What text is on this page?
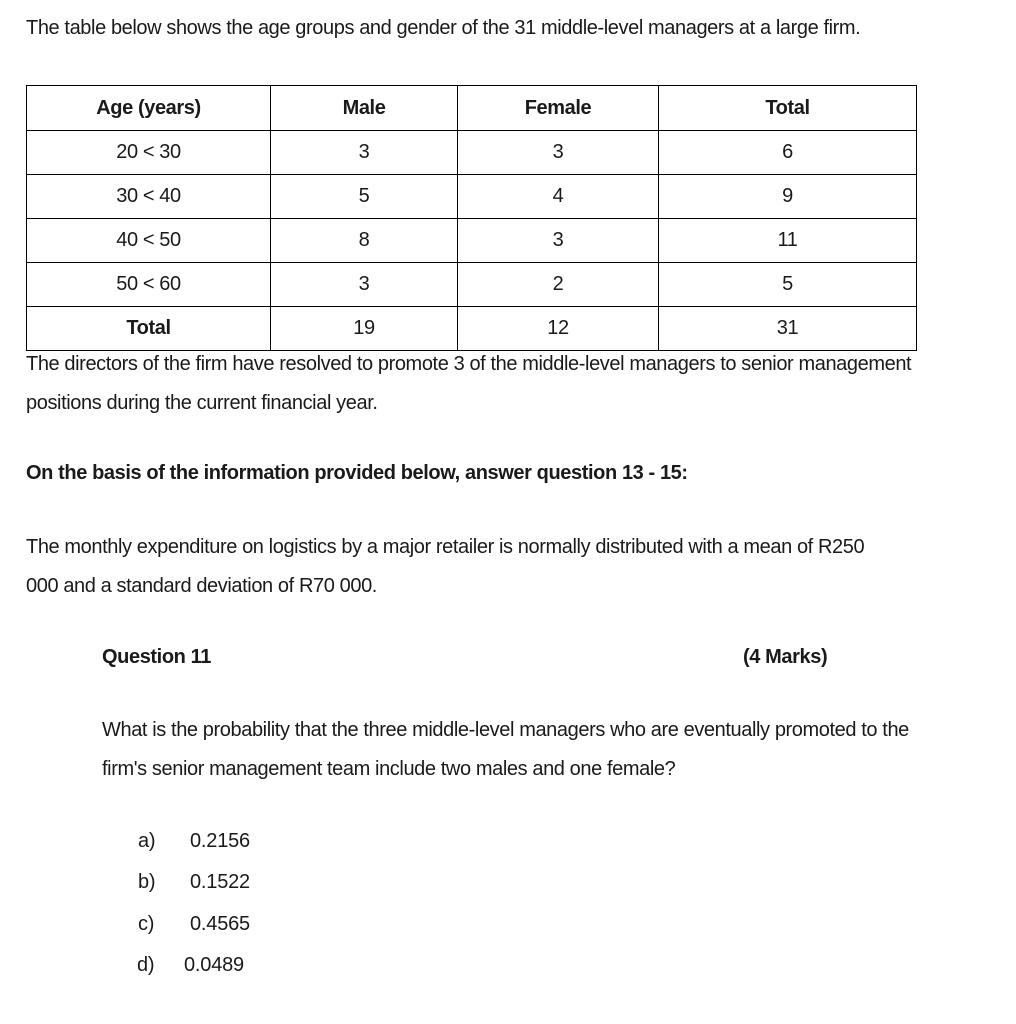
The table below shows the age groups and gender of the 31 middle-level managers at a large firm.
Age (years)	Male	Female	Total
20 < 30	3	3	6
30 < 40	5	4	9
40 < 50	8	3	11
50 < 60	3	2	5
Total	19	12	31
The directors of the firm have resolved to promote 3 of the middle-level managers to senior management
positions during the current financial year.
On the basis of the information provided below, answer question 13 - 15:
The monthly expenditure on logistics by a major retailer is normally distributed with a mean of R250
000 and a standard deviation of R70 000.
Question 11	(4 Marks)
What is the probability that the three middle-level managers who are eventually promoted to the
firm's senior management team include two males and one female?
a) 0.2156
b) 0.1522
c) 0.4565
d) 0.0489
